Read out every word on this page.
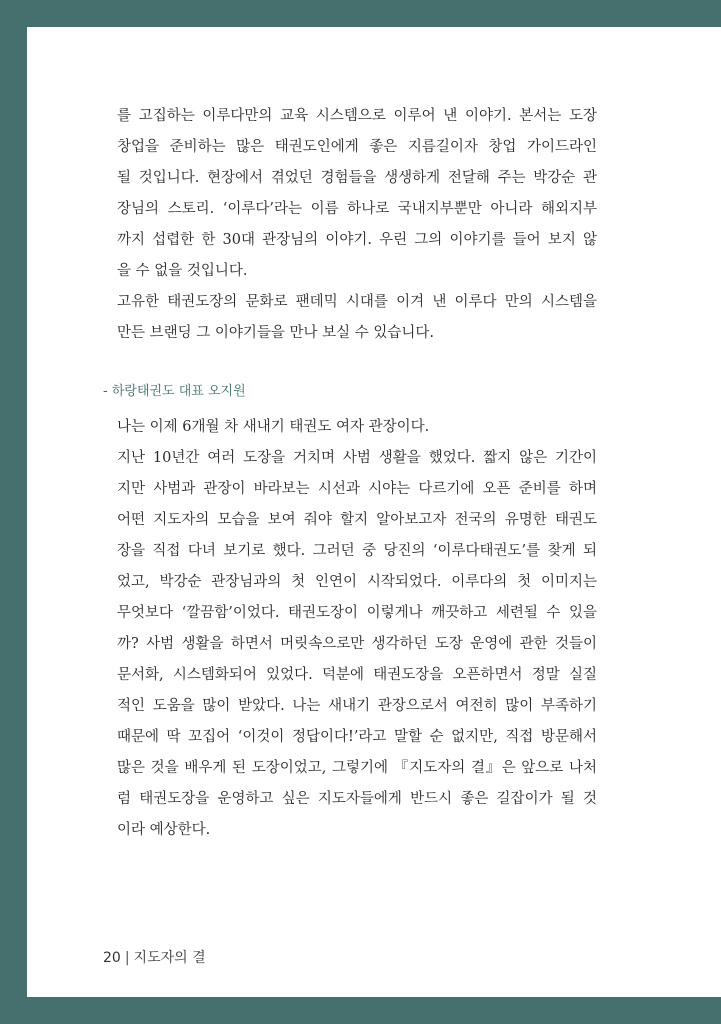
를 고집하는 이루다만의 교육 시스템으로 이루어 낸 이야기. 본서는 도장
창업을 준비하는 많은 태권도인에게 좋은 지름길이자 창업 가이드라인
될 것입니다. 현장에서 겪었던 경험들을 생생하게 전달해 주는 박강순 관
장님의 스토리. ‘이루다’라는 이름 하나로 국내지부뿐만 아니라 해외지부
까지 섭렵한 한 30대 관장님의 이야기. 우린 그의 이야기를 들어 보지 않
을 수 없을 것입니다.
고유한 태권도장의 문화로 팬데믹 시대를 이겨 낸 이루다 만의 시스템을
만든 브랜딩 그 이야기들을 만나 보실 수 있습니다.
- 하랑태권도 대표 오지원
나는 이제 6개월 차 새내기 태권도 여자 관장이다.
지난 10년간 여러 도장을 거치며 사범 생활을 했었다. 짧지 않은 기간이
지만 사범과 관장이 바라보는 시선과 시야는 다르기에 오픈 준비를 하며
어떤 지도자의 모습을 보여 줘야 할지 알아보고자 전국의 유명한 태권도
장을 직접 다녀 보기로 했다. 그러던 중 당진의 ‘이루다태권도’를 찾게 되
었고, 박강순 관장님과의 첫 인연이 시작되었다. 이루다의 첫 이미지는
무엇보다 ‘깔끔함’이었다. 태권도장이 이렇게나 깨끗하고 세련될 수 있을
까? 사범 생활을 하면서 머릿속으로만 생각하던 도장 운영에 관한 것들이
문서화, 시스템화되어 있었다. 덕분에 태권도장을 오픈하면서 정말 실질
적인 도움을 많이 받았다. 나는 새내기 관장으로서 여전히 많이 부족하기
때문에 딱 꼬집어 ‘이것이 정답이다!’라고 말할 순 없지만, 직접 방문해서
많은 것을 배우게 된 도장이었고, 그렇기에 『지도자의 결』은 앞으로 나처
럼 태권도장을 운영하고 싶은 지도자들에게 반드시 좋은 길잡이가 될 것
이라 예상한다.
20 | 지도자의 결
